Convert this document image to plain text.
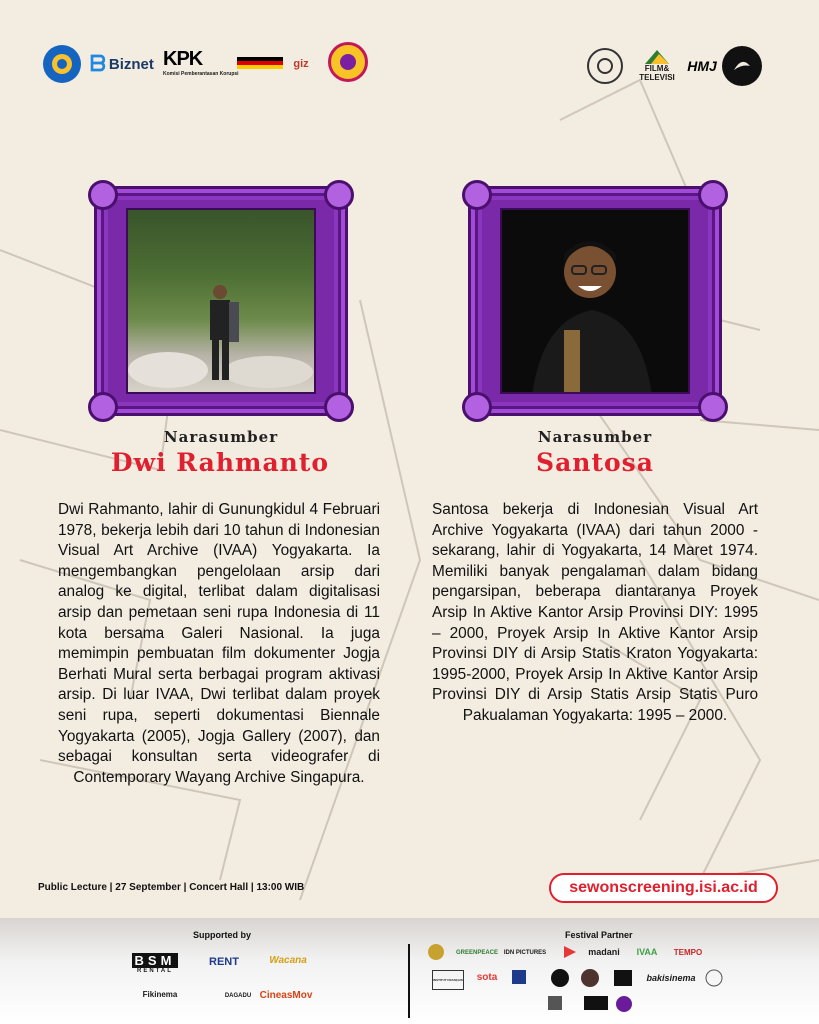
ᗷ Biznet KPK
Komisi Pemberantasan Korupsi
giz	FILM& TELEVISI
HMJ
Narasumber
Dwi Rahmanto
Dwi Rahmanto, lahir di Gunungkidul 4 Februari 1978, bekerja lebih dari 10 tahun di Indonesian Visual Art Archive (IVAA) Yogyakarta. Ia mengembangkan pengelolaan arsip dari analog ke digital, terlibat dalam digitalisasi arsip dan pemetaan seni rupa Indonesia di 11 kota bersama Galeri Nasional. Ia juga memimpin pembuatan film dokumenter Jogja Berhati Mural serta berbagai program aktivasi arsip. Di luar IVAA, Dwi terlibat dalam proyek seni rupa, seperti dokumentasi Biennale Yogyakarta (2005), Jogja Gallery (2007), dan sebagai konsultan serta videografer di Contemporary Wayang Archive Singapura.
Narasumber
Santosa
Santosa bekerja di Indonesian Visual Art Archive Yogyakarta (IVAA) dari tahun 2000 - sekarang, lahir di Yogyakarta, 14 Maret 1974. Memiliki banyak pengalaman dalam bidang pengarsipan, beberapa diantaranya Proyek Arsip In Aktive Kantor Arsip Provinsi DIY: 1995 – 2000, Proyek Arsip In Aktive Kantor Arsip Provinsi DIY di Arsip Statis Kraton Yogyakarta: 1995-2000, Proyek Arsip In Aktive Kantor Arsip Provinsi DIY di Arsip Statis Arsip Statis Puro Pakualaman Yogyakarta: 1995 – 2000.
Public Lecture | 27 September | Concert Hall | 13:00 WIB	sewonscreening.isi.ac.id
Supported by	Festival Partner
BSM
RENTAL
RENT	Wacana
Fikinema	DAGADU CineasMov
GREENPEACE IDN PICTURES	madani IVAA TEMPO
INSTITUT FRANÇAIS sota	bakisinema
